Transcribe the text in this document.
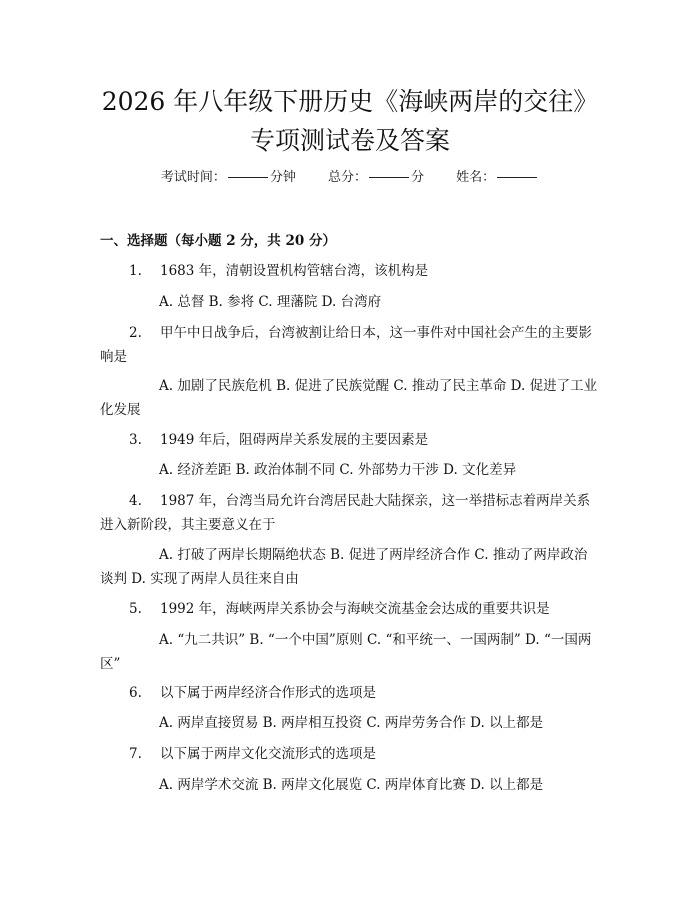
2026 年八年级下册历史《海峡两岸的交往》
专项测试卷及答案
考试时间：	分钟 总分：	分 姓名：
一、选择题（每小题 2 分，共 20 分）
1. 1683 年，清朝设置机构管辖台湾，该机构是
A. 总督 B. 参将 C. 理藩院 D. 台湾府
2. 甲午中日战争后，台湾被割让给日本，这一事件对中国社会产生的主要影响是
A. 加剧了民族危机 B. 促进了民族觉醒 C. 推动了民主革命 D. 促进了工业化发展
3. 1949 年后，阻碍两岸关系发展的主要因素是
A. 经济差距 B. 政治体制不同 C. 外部势力干涉 D. 文化差异
4. 1987 年，台湾当局允许台湾居民赴大陆探亲，这一举措标志着两岸关系进入新阶段，其主要意义在于
A. 打破了两岸长期隔绝状态 B. 促进了两岸经济合作 C. 推动了两岸政治谈判 D. 实现了两岸人员往来自由
5. 1992 年，海峡两岸关系协会与海峡交流基金会达成的重要共识是
A. “九二共识” B. “一个中国”原则 C. “和平统一、一国两制” D. “一国两区”
6. 以下属于两岸经济合作形式的选项是
A. 两岸直接贸易 B. 两岸相互投资 C. 两岸劳务合作 D. 以上都是
7. 以下属于两岸文化交流形式的选项是
A. 两岸学术交流 B. 两岸文化展览 C. 两岸体育比赛 D. 以上都是
